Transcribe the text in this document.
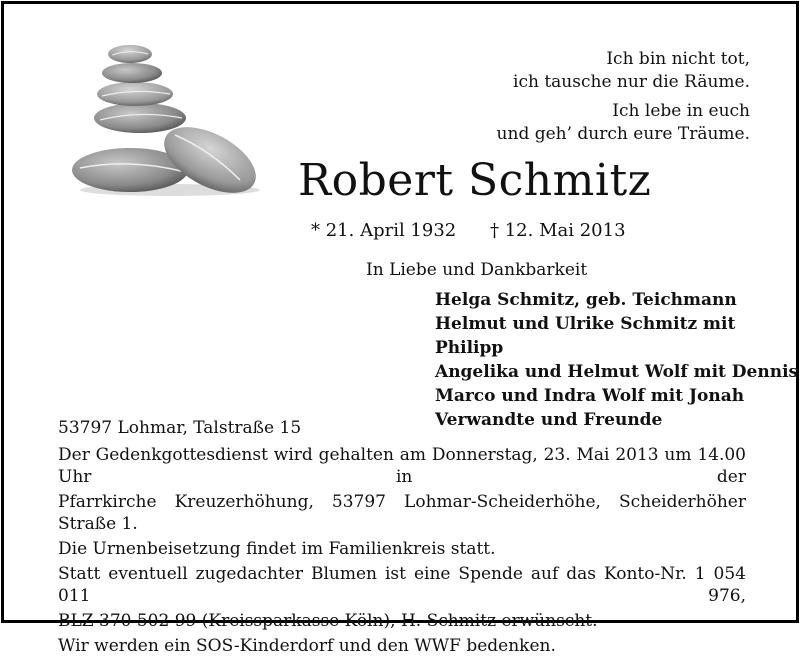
Ich bin nicht tot,
ich tausche nur die Räume.
Ich lebe in euch
und geh’ durch eure Träume.
Robert Schmitz
* 21. April 1932 † 12. Mai 2013
In Liebe und Dankbarkeit
Helga Schmitz, geb. Teichmann
Helmut und Ulrike Schmitz mit Philipp
Angelika und Helmut Wolf mit Dennis
Marco und Indra Wolf mit Jonah
Verwandte und Freunde
53797 Lohmar, Talstraße 15
Der Gedenkgottesdienst wird gehalten am Donnerstag, 23. Mai 2013 um 14.00 Uhr in der
Pfarrkirche Kreuzerhöhung, 53797 Lohmar-Scheiderhöhe, Scheiderhöher Straße 1.
Die Urnenbeisetzung findet im Familienkreis statt.
Statt eventuell zugedachter Blumen ist eine Spende auf das Konto-Nr. 1 054 011 976,
BLZ 370 502 99 (Kreissparkasse Köln), H. Schmitz erwünscht.
Wir werden ein SOS-Kinderdorf und den WWF bedenken.
